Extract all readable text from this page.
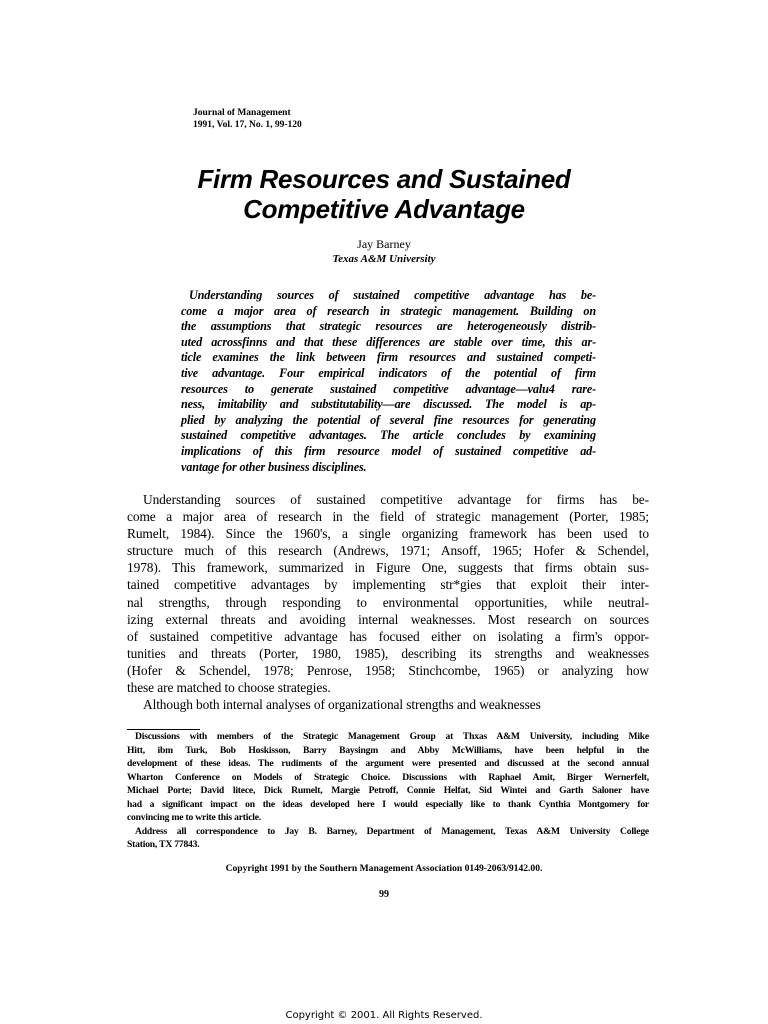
Journal of Management
1991, Vol. 17, No. 1, 99-120
Firm Resources and Sustained
Competitive Advantage
Jay Barney
Texas A&M University
Understanding sources of sustained competitive advantage has be-
come a major area of research in strategic management. Building on
the assumptions that strategic resources are heterogeneously distrib-
uted acrossfinns and that these differences are stable over time, this ar-
ticle examines the link between firm resources and sustained competi-
tive advantage. Four empirical indicators of the potential of firm
resources to generate sustained competitive advantage—valu4 rare-
ness, imitability and substitutability—are discussed. The model is ap-
plied by analyzing the potential of several fine resources for generating
sustained competitive advantages. The article concludes by examining
implications of this firm resource model of sustained competitive ad-
vantage for other business disciplines.
Understanding sources of sustained competitive advantage for firms has be-
come a major area of research in the field of strategic management (Porter, 1985;
Rumelt, 1984). Since the 1960's, a single organizing framework has been used to
structure much of this research (Andrews, 1971; Ansoff, 1965; Hofer & Schendel,
1978). This framework, summarized in Figure One, suggests that firms obtain sus-
tained competitive advantages by implementing str*gies that exploit their inter-
nal strengths, through responding to environmental opportunities, while neutral-
izing external threats and avoiding internal weaknesses. Most research on sources
of sustained competitive advantage has focused either on isolating a firm's oppor-
tunities and threats (Porter, 1980, 1985), describing its strengths and weaknesses
(Hofer & Schendel, 1978; Penrose, 1958; Stinchcombe, 1965) or analyzing how
these are matched to choose strategies.
Although both internal analyses of organizational strengths and weaknesses
Discussions with members of the Strategic Management Group at Thxas A&M University, including Mike
Hitt, ibm Turk, Bob Hoskisson, Barry Baysingm and Abby McWilliams, have been helpful in the
development of these ideas. The rudiments of the argument were presented and discussed at the second annual
Wharton Conference on Models of Strategic Choice. Discussions with Raphael Amit, Birger Wernerfelt,
Michael Porte; David litece, Dick Rumelt, Margie Petroff, Connie Helfat, Sid Wintei and Garth Saloner have
had a significant impact on the ideas developed here I would especially like to thank Cynthia Montgomery for
convincing me to write this article.
Address all correspondence to Jay B. Barney, Department of Management, Texas A&M University College
Station, TX 77843.
Copyright 1991 by the Southern Management Association 0149-2063/9142.00.
99
Copyright © 2001. All Rights Reserved.
